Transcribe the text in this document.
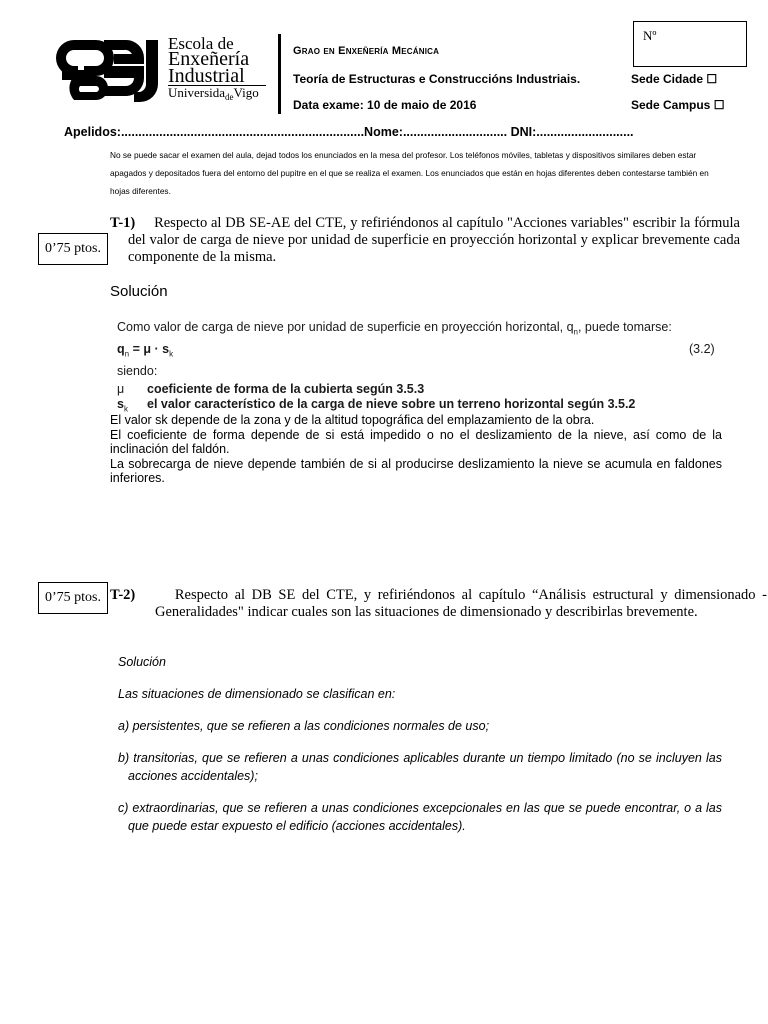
Escola de
Enxeñería
Industrial
Universida$_{de}$Vigo
Grao en Enxeñería Mecánica
Teoría de Estructuras e Construccións Industriais.
Data exame: 10 de maio de 2016
Sede Cidade ☐
Sede Campus ☐
Nº
Apelidos:......................................................................Nome:.............................. DNI:............................
No se puede sacar el examen del aula, dejad todos los enunciados en la mesa del profesor. Los teléfonos móviles, tabletas y dispositivos similares deben estar apagados y depositados fuera del entorno del pupitre en el que se realiza el examen. Los enunciados que están en hojas diferentes deben contestarse también en hojas diferentes.
0’75 ptos.
T-1) Respecto al DB SE-AE del CTE, y refiriéndonos al capítulo "Acciones variables" escribir la fórmula del valor de carga de nieve por unidad de superficie en proyección horizontal y explicar brevemente cada componente de la misma.
Solución
Como valor de carga de nieve por unidad de superficie en proyección horizontal, $q_n$, puede tomarse:
$q_n = \mu \cdot s_k$	(3.2)
siendo:
μ coeficiente de forma de la cubierta según 3.5.3
$s_k$ el valor característico de la carga de nieve sobre un terreno horizontal según 3.5.2

El valor sk depende de la zona y de la altitud topográfica del emplazamiento de la obra.

El coeficiente de forma depende de si está impedido o no el deslizamiento de la nieve, así como de la inclinación del faldón.

La sobrecarga de nieve depende también de si al producirse deslizamiento la nieve se acumula en faldones inferiores.

0’75 ptos. T-2)	Respecto al DB SE del CTE, y refiriéndonos al capítulo “Análisis estructural y dimensionado - Generalidades" indicar cuales son las situaciones de dimensionado y describirlas brevemente.

Solución

Las situaciones de dimensionado se clasifican en:

a) persistentes, que se refieren a las condiciones normales de uso;

b) transitorias, que se refieren a unas condiciones aplicables durante un tiempo limitado (no se incluyen las acciones accidentales);

c) extraordinarias, que se refieren a unas condiciones excepcionales en las que se puede encontrar, o a las que puede estar expuesto el edificio (acciones accidentales).
